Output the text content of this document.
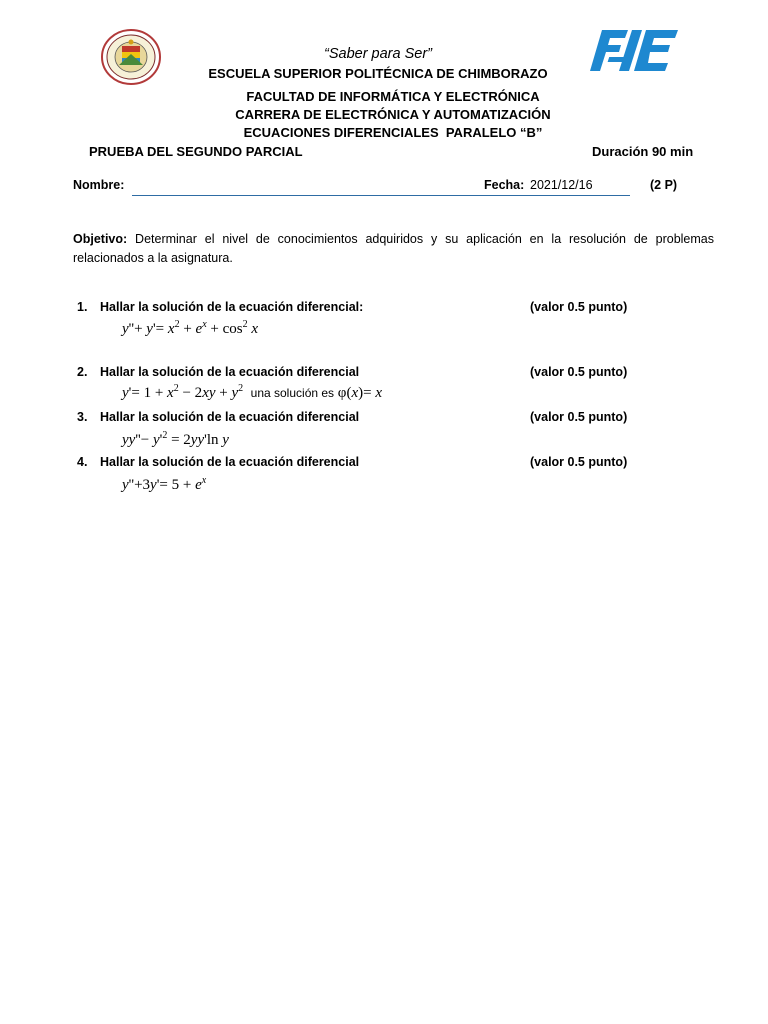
“Saber para Ser”
ESCUELA SUPERIOR POLITÉCNICA DE CHIMBORAZO
FACULTAD DE INFORMÁTICA Y ELECTRÓNICA
CARRERA DE ELECTRÓNICA Y AUTOMATIZACIÓN
ECUACIONES DIFERENCIALES  PARALELO “B”
PRUEBA DEL SEGUNDO PARCIAL	Duración 90 min
Nombre:	Fecha: 2021/12/16	(2 P)
Objetivo: Determinar el nivel de conocimientos adquiridos y su aplicación en la resolución de problemas relacionados a la asignatura.
1. Hallar la solución de la ecuación diferencial:	(valor 0.5 punto)
$y''+ y'= x^2 + e^x + \cos^2 x$
2. Hallar la solución de la ecuación diferencial	(valor 0.5 punto)
$y'= 1 + x^2 - 2xy + y^2$ una solución es φ(x)= x
3. Hallar la solución de la ecuación diferencial	(valor 0.5 punto)
$yy''- y'^2 = 2yy'\ln$ y
4. Hallar la solución de la ecuación diferencial	(valor 0.5 punto)
$y''+3y'= 5 + e^x$
